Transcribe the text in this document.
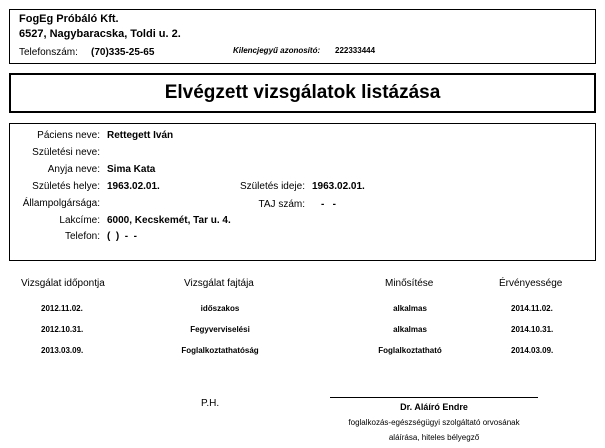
FogEg Próbáló Kft.
6527, Nagybaracska, Toldi u. 2.
Telefonszám: (70)335-25-65	Kilencjegyű azonosító: 222333444
Elvégzett vizsgálatok listázása
Páciens neve: Rettegett Iván
Születési neve:
Anyja neve: Sima Kata
Születés helye: 1963.02.01.	Születés ideje: 1963.02.01.
Állampolgársága:	TAJ szám: -   -
Lakcíme: 6000, Kecskemét, Tar u. 4.
Telefon: (  )  -  -
Vizsgálat időpontja	Vizsgálat fajtája	Minősítése	Érvényessége
2012.11.02.	időszakos	alkalmas	2014.11.02.
2012.10.31.	Fegyverviselési	alkalmas	2014.10.31.
2013.03.09.	Foglalkoztathatóság	Foglalkoztatható	2014.03.09.
P.H.	Dr. Aláíró Endre
foglalkozás-egészségügyi szolgáltató orvosának
aláírása, hiteles bélyegző
